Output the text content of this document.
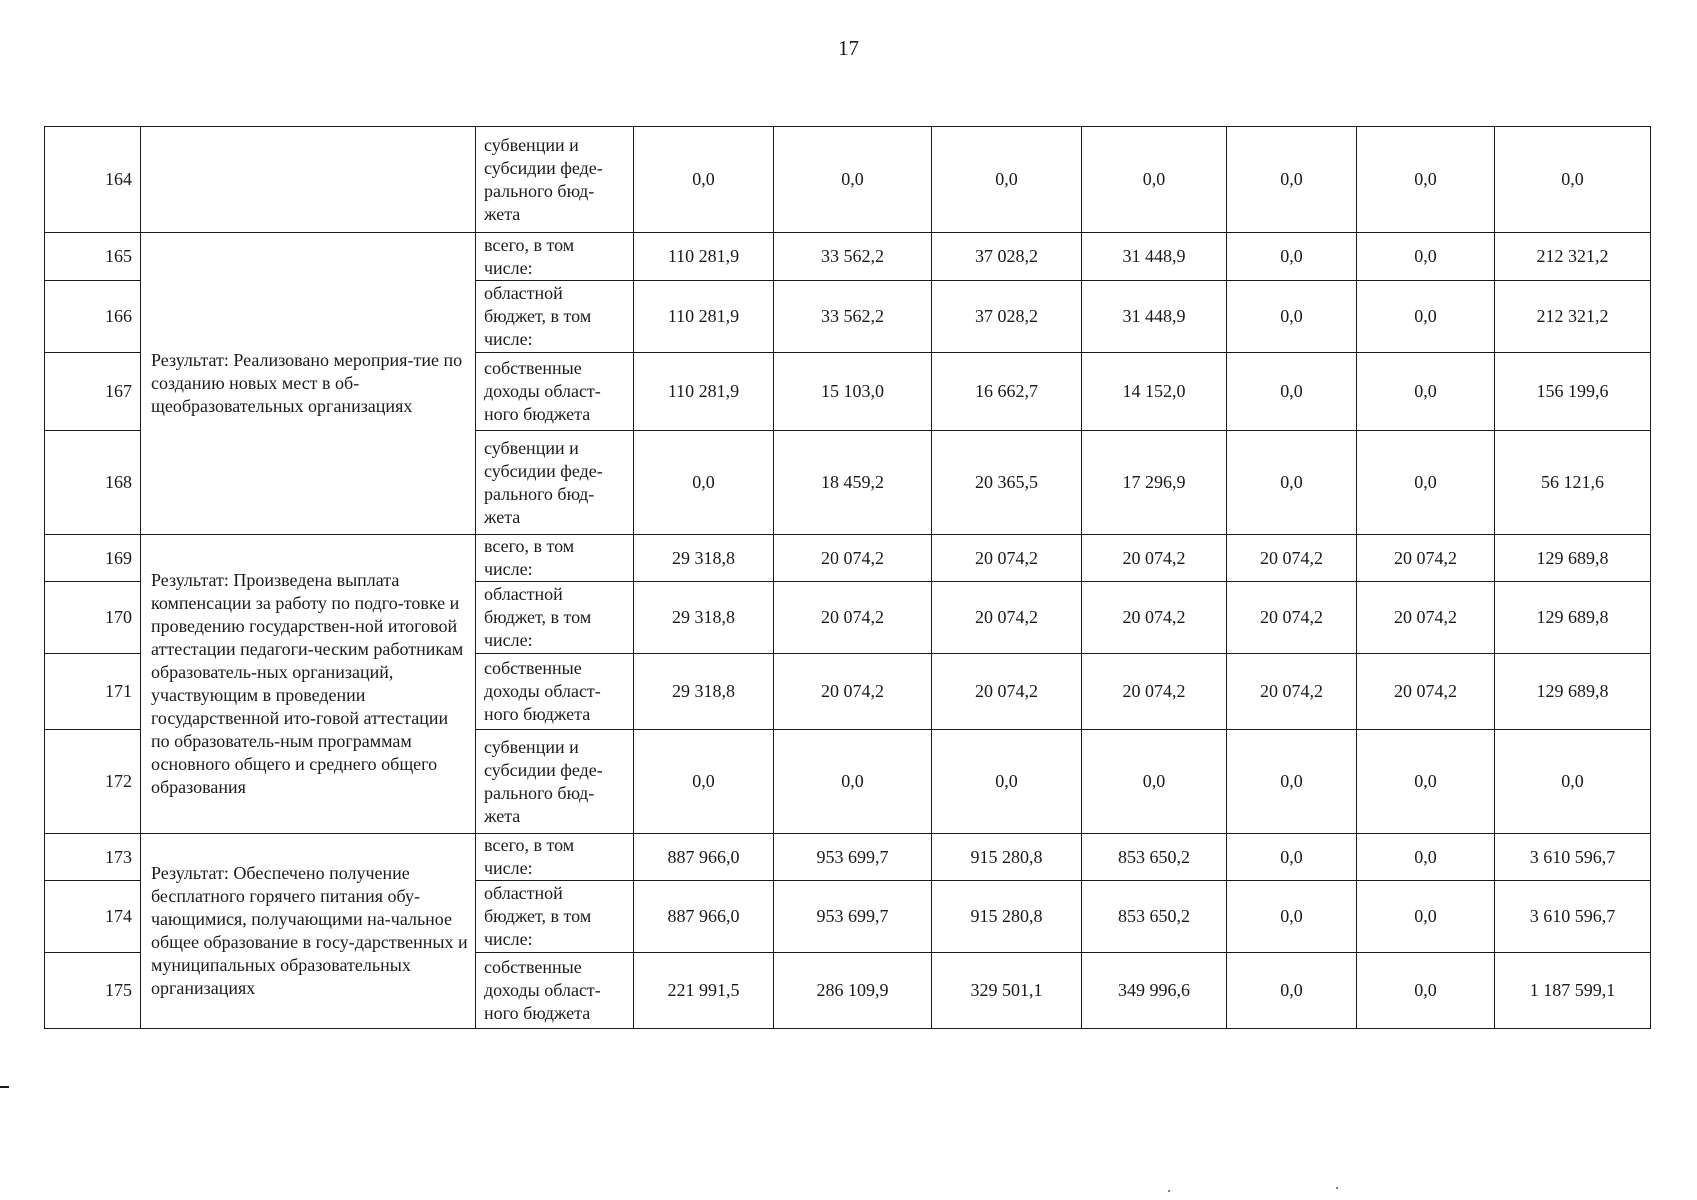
17
164		субвенции и субсидии феде-рального бюд-жета	0,0	0,0	0,0	0,0	0,0	0,0	0,0
165	Результат: Реализовано мероприя-тие по созданию новых мест в об-щеобразовательных организациях	всего, в том числе:	110 281,9	33 562,2	37 028,2	31 448,9	0,0	0,0	212 321,2
166		областной бюджет, в том числе:	110 281,9	33 562,2	37 028,2	31 448,9	0,0	0,0	212 321,2
167		собственные доходы област-ного бюджета	110 281,9	15 103,0	16 662,7	14 152,0	0,0	0,0	156 199,6
168		субвенции и субсидии феде-рального бюд-жета	0,0	18 459,2	20 365,5	17 296,9	0,0	0,0	56 121,6
169	Результат: Произведена выплата компенсации за работу по подго-товке и проведению государствен-ной итоговой аттестации педагоги-ческим работникам образователь-ных организаций, участвующим в проведении государственной ито-говой аттестации по образователь-ным программам основного общего и среднего общего образования	всего, в том числе:	29 318,8	20 074,2	20 074,2	20 074,2	20 074,2	20 074,2	129 689,8
170		областной бюджет, в том числе:	29 318,8	20 074,2	20 074,2	20 074,2	20 074,2	20 074,2	129 689,8
171		собственные доходы област-ного бюджета	29 318,8	20 074,2	20 074,2	20 074,2	20 074,2	20 074,2	129 689,8
172		субвенции и субсидии феде-рального бюд-жета	0,0	0,0	0,0	0,0	0,0	0,0	0,0
173	Результат: Обеспечено получение бесплатного горячего питания обу-чающимися, получающими на-чальное общее образование в госу-дарственных и муниципальных образовательных организациях	всего, в том числе:	887 966,0	953 699,7	915 280,8	853 650,2	0,0	0,0	3 610 596,7
174		областной бюджет, в том числе:	887 966,0	953 699,7	915 280,8	853 650,2	0,0	0,0	3 610 596,7
175		собственные доходы област-ного бюджета	221 991,5	286 109,9	329 501,1	349 996,6	0,0	0,0	1 187 599,1
